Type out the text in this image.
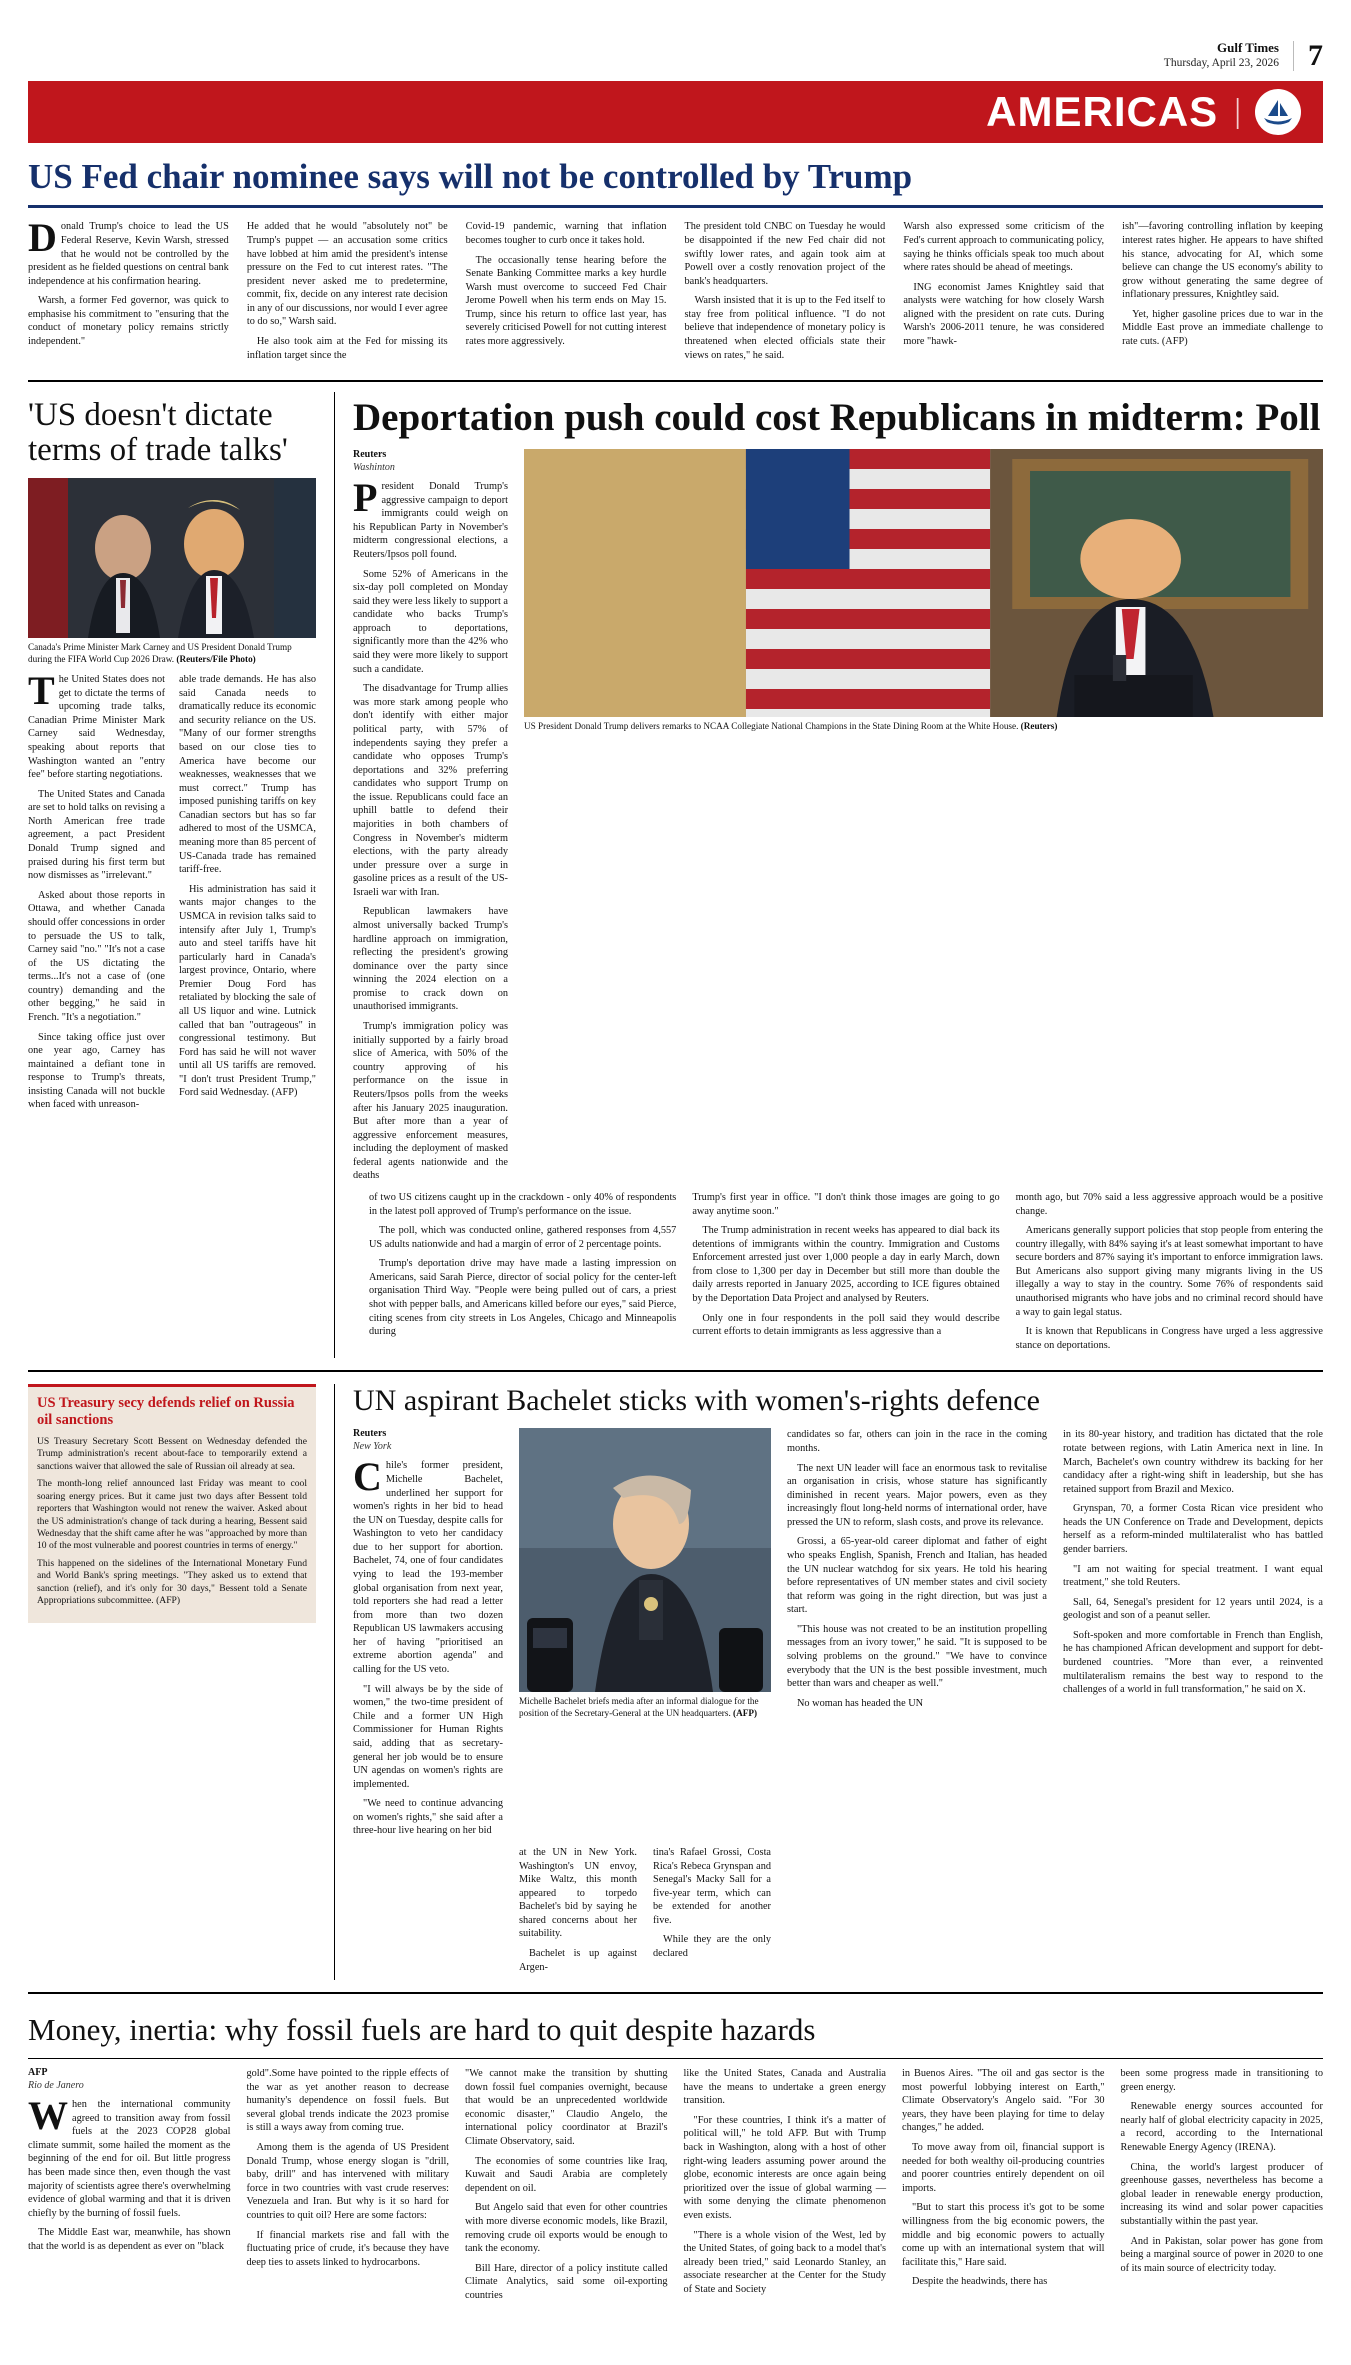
Gulf Times
Thursday, April 23, 2026 7
AMERICAS |
US Fed chair nominee says will not be controlled by Trump

Donald Trump's choice to lead the US Federal Reserve, Kevin Warsh, stressed that he would not be controlled by the president as he fielded questions on central bank independence at his confirmation hearing.

Warsh, a former Fed governor, was quick to emphasise his commitment to "ensuring that the conduct of monetary policy remains strictly independent."

He added that he would "absolutely not" be Trump's puppet — an accusation some critics have lobbed at him amid the president's intense pressure on the Fed to cut interest rates. "The president never asked me to predetermine, commit, fix, decide on any interest rate decision in any of our discussions, nor would I ever agree to do so," Warsh said.

He also took aim at the Fed for missing its inflation target since the

Covid-19 pandemic, warning that inflation becomes tougher to curb once it takes hold.

The occasionally tense hearing before the Senate Banking Committee marks a key hurdle Warsh must overcome to succeed Fed Chair Jerome Powell when his term ends on May 15. Trump, since his return to office last year, has severely criticised Powell for not cutting interest rates more aggressively.

The president told CNBC on Tuesday he would be disappointed if the new Fed chair did not swiftly lower rates, and again took aim at Powell over a costly renovation project of the bank's headquarters.

Warsh insisted that it is up to the Fed itself to stay free from political influence. "I do not believe that independence of monetary policy is threatened when elected officials state their views on rates," he said.

Warsh also expressed some criticism of the Fed's current approach to communicating policy, saying he thinks officials speak too much about where rates should be ahead of meetings.

ING economist James Knightley said that analysts were watching for how closely Warsh aligned with the president on rate cuts. During Warsh's 2006-2011 tenure, he was considered more "hawk-

ish"—favoring controlling inflation by keeping interest rates higher. He appears to have shifted his stance, advocating for AI, which some believe can change the US economy's ability to grow without generating the same degree of inflationary pressures, Knightley said.

Yet, higher gasoline prices due to war in the Middle East prove an immediate challenge to rate cuts. (AFP)

'US doesn't dictate terms of trade talks'
Canada's Prime Minister Mark Carney and US President Donald Trump during the FIFA World Cup 2026 Draw. (Reuters/File Photo)

The United States does not get to dictate the terms of upcoming trade talks, Canadian Prime Minister Mark Carney said Wednesday, speaking about reports that Washington wanted an "entry fee" before starting negotiations.

The United States and Canada are set to hold talks on revising a North American free trade agreement, a pact President Donald Trump signed and praised during his first term but now dismisses as "irrelevant."

Asked about those reports in Ottawa, and whether Canada should offer concessions in order to persuade the US to talk, Carney said "no." "It's not a case of the US dictating the terms...It's not a case of (one country) demanding and the other begging," he said in French. "It's a negotiation."

Since taking office just over one year ago, Carney has maintained a defiant tone in response to Trump's threats, insisting Canada will not buckle when faced with unreason-

able trade demands. He has also said Canada needs to dramatically reduce its economic and security reliance on the US. "Many of our former strengths based on our close ties to America have become our weaknesses, weaknesses that we must correct." Trump has imposed punishing tariffs on key Canadian sectors but has so far adhered to most of the USMCA, meaning more than 85 percent of US-Canada trade has remained tariff-free.

His administration has said it wants major changes to the USMCA in revision talks said to intensify after July 1, Trump's auto and steel tariffs have hit particularly hard in Canada's largest province, Ontario, where Premier Doug Ford has retaliated by blocking the sale of all US liquor and wine. Lutnick called that ban "outrageous" in congressional testimony. But Ford has said he will not waver until all US tariffs are removed. "I don't trust President Trump," Ford said Wednesday. (AFP)

Deportation push could cost Republicans in midterm: Poll
Reuters
Washinton

President Donald Trump's aggressive campaign to deport immigrants could weigh on his Republican Party in November's midterm congressional elections, a Reuters/Ipsos poll found.

Some 52% of Americans in the six-day poll completed on Monday said they were less likely to support a candidate who backs Trump's approach to deportations, significantly more than the 42% who said they were more likely to support such a candidate.

The disadvantage for Trump allies was more stark among people who don't identify with either major political party, with 57% of independents saying they prefer a candidate who opposes Trump's deportations and 32% preferring candidates who support Trump on the issue. Republicans could face an uphill battle to defend their majorities in both chambers of Congress in November's midterm elections, with the party already under pressure over a surge in gasoline prices as a result of the US-Israeli war with Iran.

Republican lawmakers have almost universally backed Trump's hardline approach on immigration, reflecting the president's growing dominance over the party since winning the 2024 election on a promise to crack down on unauthorised immigrants.

Trump's immigration policy was initially supported by a fairly broad slice of America, with 50% of the country approving of his performance on the issue in Reuters/Ipsos polls from the weeks after his January 2025 inauguration. But after more than a year of aggressive enforcement measures, including the deployment of masked federal agents nationwide and the deaths

US President Donald Trump delivers remarks to NCAA Collegiate National Champions in the State Dining Room at the White House. (Reuters)

of two US citizens caught up in the crackdown - only 40% of respondents in the latest poll approved of Trump's performance on the issue.

The poll, which was conducted online, gathered responses from 4,557 US adults nationwide and had a margin of error of 2 percentage points.

Trump's deportation drive may have made a lasting impression on Americans, said Sarah Pierce, director of social policy for the center-left organisation Third Way. "People were being pulled out of cars, a priest shot with pepper balls, and Americans killed before our eyes," said Pierce, citing scenes from city streets in Los Angeles, Chicago and Minneapolis during

Trump's first year in office. "I don't think those images are going to go away anytime soon."

The Trump administration in recent weeks has appeared to dial back its detentions of immigrants within the country. Immigration and Customs Enforcement arrested just over 1,000 people a day in early March, down from close to 1,300 per day in December but still more than double the daily arrests reported in January 2025, according to ICE figures obtained by the Deportation Data Project and analysed by Reuters.

Only one in four respondents in the poll said they would describe current efforts to detain immigrants as less aggressive than a

month ago, but 70% said a less aggressive approach would be a positive change.

Americans generally support policies that stop people from entering the country illegally, with 84% saying it's at least somewhat important to have secure borders and 87% saying it's important to enforce immigration laws. But Americans also support giving many migrants living in the US illegally a way to stay in the country. Some 76% of respondents said unauthorised migrants who have jobs and no criminal record should have a way to gain legal status.

It is known that Republicans in Congress have urged a less aggressive stance on deportations.

US Treasury secy defends relief on Russia oil sanctions

US Treasury Secretary Scott Bessent on Wednesday defended the Trump administration's recent about-face to temporarily extend a sanctions waiver that allowed the sale of Russian oil already at sea.

The month-long relief announced last Friday was meant to cool soaring energy prices. But it came just two days after Bessent told reporters that Washington would not renew the waiver. Asked about the US administration's change of tack during a hearing, Bessent said Wednesday that the shift came after he was "approached by more than 10 of the most vulnerable and poorest countries in terms of energy."

This happened on the sidelines of the International Monetary Fund and World Bank's spring meetings. "They asked us to extend that sanction (relief), and it's only for 30 days," Bessent told a Senate Appropriations subcommittee. (AFP)

UN aspirant Bachelet sticks with women's-rights defence
Reuters
New York

Chile's former president, Michelle Bachelet, underlined her support for women's rights in her bid to head the UN on Tuesday, despite calls for Washington to veto her candidacy due to her support for abortion. Bachelet, 74, one of four candidates vying to lead the 193-member global organisation from next year, told reporters she had read a letter from more than two dozen Republican US lawmakers accusing her of having "prioritised an extreme abortion agenda" and calling for the US veto.

"I will always be by the side of women," the two-time president of Chile and a former UN High Commissioner for Human Rights said, adding that as secretary-general her job would be to ensure UN agendas on women's rights are implemented.

"We need to continue advancing on women's rights," she said after a three-hour live hearing on her bid

Michelle Bachelet briefs media after an informal dialogue for the position of the Secretary-General at the UN headquarters. (AFP)

candidates so far, others can join in the race in the coming months.

The next UN leader will face an enormous task to revitalise an organisation in crisis, whose stature has significantly diminished in recent years. Major powers, even as they increasingly flout long-held norms of international order, have pressed the UN to reform, slash costs, and prove its relevance.

Grossi, a 65-year-old career diplomat and father of eight who speaks English, Spanish, French and Italian, has headed the UN nuclear watchdog for six years. He told his hearing before representatives of UN member states and civil society that reform was going in the right direction, but was just a start.

"This house was not created to be an institution propelling messages from an ivory tower," he said. "It is supposed to be solving problems on the ground." "We have to convince everybody that the UN is the best possible investment, much better than wars and cheaper as well."

No woman has headed the UN

in its 80-year history, and tradition has dictated that the role rotate between regions, with Latin America next in line. In March, Bachelet's own country withdrew its backing for her candidacy after a right-wing shift in leadership, but she has retained support from Brazil and Mexico.

Grynspan, 70, a former Costa Rican vice president who heads the UN Conference on Trade and Development, depicts herself as a reform-minded multilateralist who has battled gender barriers.

"I am not waiting for special treatment. I want equal treatment," she told Reuters.

Sall, 64, Senegal's president for 12 years until 2024, is a geologist and son of a peanut seller.

Soft-spoken and more comfortable in French than English, he has championed African development and support for debt-burdened countries. "More than ever, a reinvented multilateralism remains the best way to respond to the challenges of a world in full transformation," he said on X.

at the UN in New York. Washington's UN envoy, Mike Waltz, this month appeared to torpedo Bachelet's bid by saying he shared concerns about her suitability.

Bachelet is up against Argen-

tina's Rafael Grossi, Costa Rica's Rebeca Grynspan and Senegal's Macky Sall for a five-year term, which can be extended for another five.

While they are the only declared

Money, inertia: why fossil fuels are hard to quit despite hazards
AFP
Rio de Janero

When the international community agreed to transition away from fossil fuels at the 2023 COP28 global climate summit, some hailed the moment as the beginning of the end for oil. But little progress has been made since then, even though the vast majority of scientists agree there's overwhelming evidence of global warming and that it is driven chiefly by the burning of fossil fuels.

The Middle East war, meanwhile, has shown that the world is as dependent as ever on "black

gold".Some have pointed to the ripple effects of the war as yet another reason to decrease humanity's dependence on fossil fuels. But several global trends indicate the 2023 promise is still a ways away from coming true.

Among them is the agenda of US President Donald Trump, whose energy slogan is "drill, baby, drill" and has intervened with military force in two countries with vast crude reserves: Venezuela and Iran. But why is it so hard for countries to quit oil? Here are some factors:

If financial markets rise and fall with the fluctuating price of crude, it's because they have deep ties to assets linked to hydrocarbons.

"We cannot make the transition by shutting down fossil fuel companies overnight, because that would be an unprecedented worldwide economic disaster," Claudio Angelo, the international policy coordinator at Brazil's Climate Observatory, said.

The economies of some countries like Iraq, Kuwait and Saudi Arabia are completely dependent on oil.

But Angelo said that even for other countries with more diverse economic models, like Brazil, removing crude oil exports would be enough to tank the economy.

Bill Hare, director of a policy institute called Climate Analytics, said some oil-exporting countries

like the United States, Canada and Australia have the means to undertake a green energy transition.

"For these countries, I think it's a matter of political will," he told AFP. But with Trump back in Washington, along with a host of other right-wing leaders assuming power around the globe, economic interests are once again being prioritized over the issue of global warming — with some denying the climate phenomenon even exists.

"There is a whole vision of the West, led by the United States, of going back to a model that's already been tried," said Leonardo Stanley, an associate researcher at the Center for the Study of State and Society

in Buenos Aires. "The oil and gas sector is the most powerful lobbying interest on Earth," Climate Observatory's Angelo said. "For 30 years, they have been playing for time to delay changes," he added.

To move away from oil, financial support is needed for both wealthy oil-producing countries and poorer countries entirely dependent on oil imports.

"But to start this process it's got to be some willingness from the big economic powers, the middle and big economic powers to actually come up with an international system that will facilitate this," Hare said.

Despite the headwinds, there has

been some progress made in transitioning to green energy.

Renewable energy sources accounted for nearly half of global electricity capacity in 2025, a record, according to the International Renewable Energy Agency (IRENA).

China, the world's largest producer of greenhouse gasses, nevertheless has become a global leader in renewable energy production, increasing its wind and solar power capacities substantially within the past year.

And in Pakistan, solar power has gone from being a marginal source of power in 2020 to one of its main source of electricity today.
